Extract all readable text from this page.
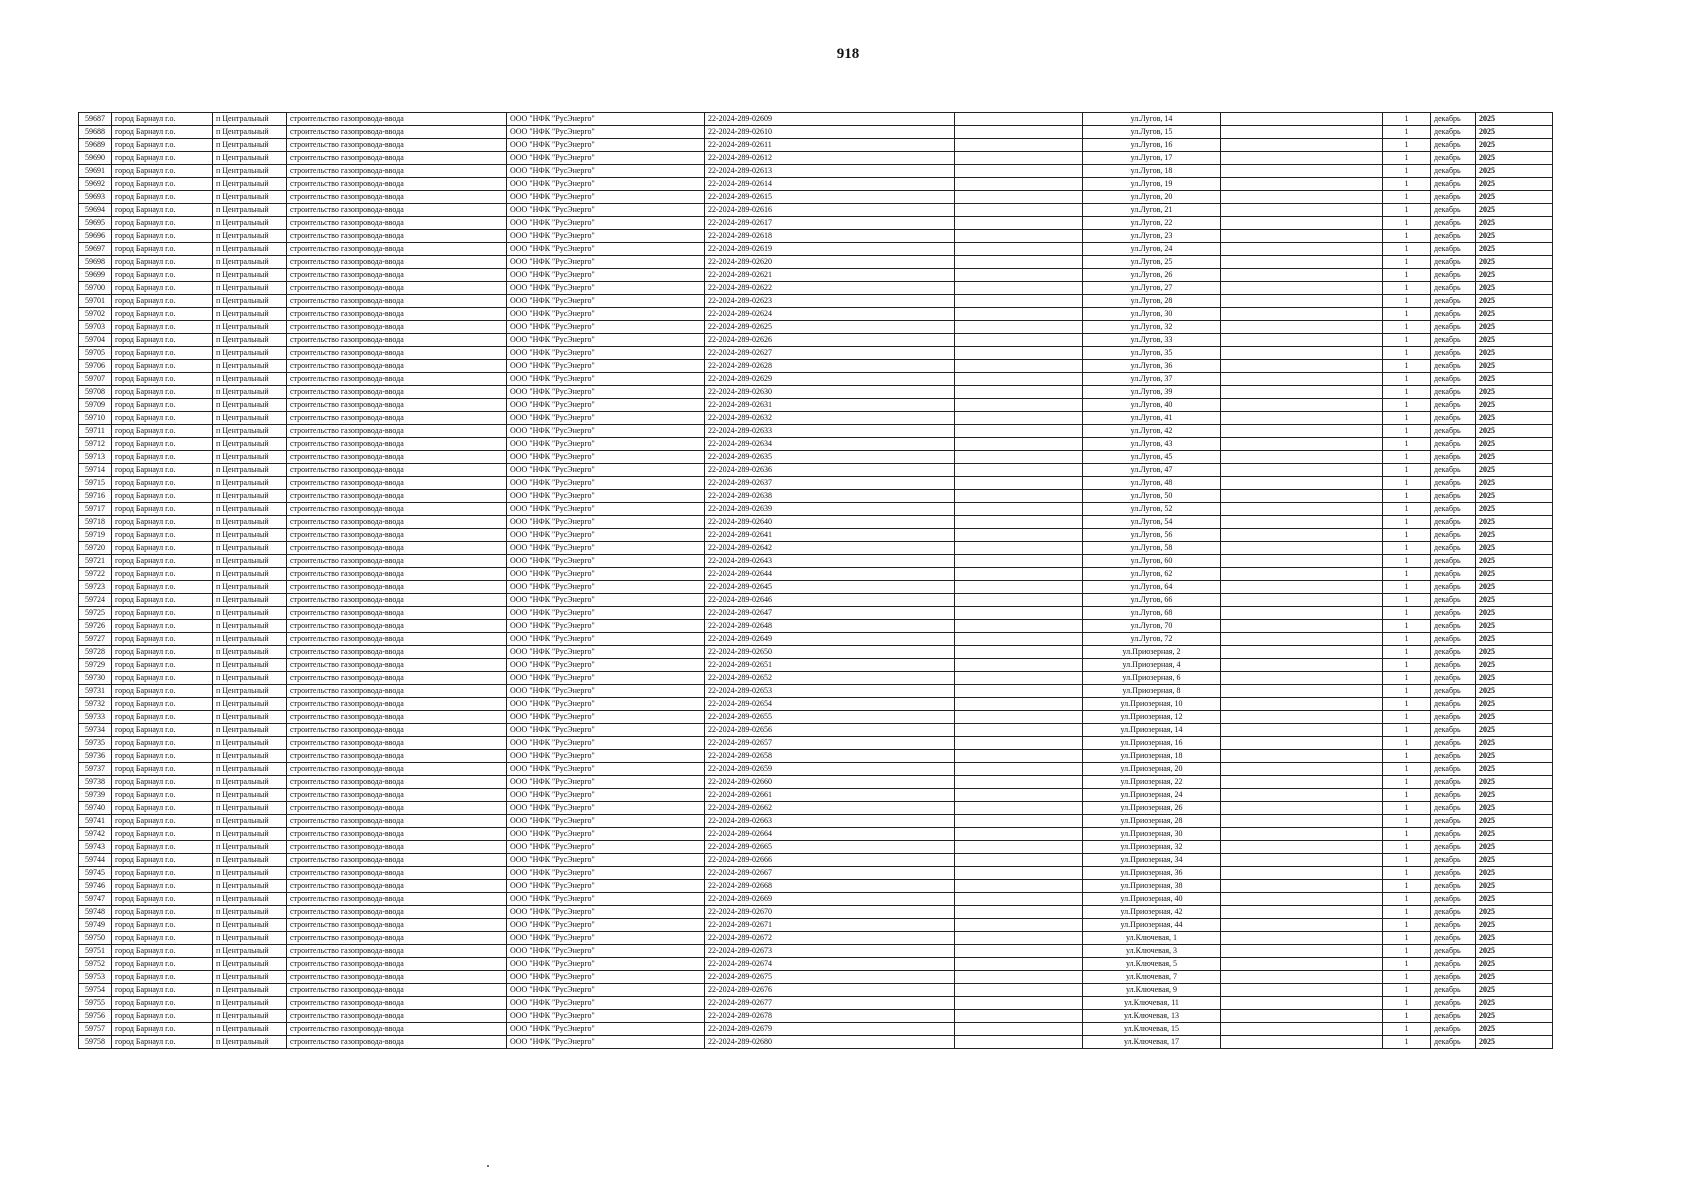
918
59687	город Барнаул г.о.	п Центральный	строительство газопровода-ввода	ООО "НФК "РусЭнерго"	22-2024-289-02609		ул.Лугов, 14		1	декабрь	2025
59688	город Барнаул г.о.	п Центральный	строительство газопровода-ввода	ООО "НФК "РусЭнерго"	22-2024-289-02610		ул.Лугов, 15		1	декабрь	2025
59689	город Барнаул г.о.	п Центральный	строительство газопровода-ввода	ООО "НФК "РусЭнерго"	22-2024-289-02611		ул.Лугов, 16		1	декабрь	2025
59690	город Барнаул г.о.	п Центральный	строительство газопровода-ввода	ООО "НФК "РусЭнерго"	22-2024-289-02612		ул.Лугов, 17		1	декабрь	2025
59691	город Барнаул г.о.	п Центральный	строительство газопровода-ввода	ООО "НФК "РусЭнерго"	22-2024-289-02613		ул.Лугов, 18		1	декабрь	2025
59692	город Барнаул г.о.	п Центральный	строительство газопровода-ввода	ООО "НФК "РусЭнерго"	22-2024-289-02614		ул.Лугов, 19		1	декабрь	2025
59693	город Барнаул г.о.	п Центральный	строительство газопровода-ввода	ООО "НФК "РусЭнерго"	22-2024-289-02615		ул.Лугов, 20		1	декабрь	2025
59694	город Барнаул г.о.	п Центральный	строительство газопровода-ввода	ООО "НФК "РусЭнерго"	22-2024-289-02616		ул.Лугов, 21		1	декабрь	2025
59695	город Барнаул г.о.	п Центральный	строительство газопровода-ввода	ООО "НФК "РусЭнерго"	22-2024-289-02617		ул.Лугов, 22		1	декабрь	2025
59696	город Барнаул г.о.	п Центральный	строительство газопровода-ввода	ООО "НФК "РусЭнерго"	22-2024-289-02618		ул.Лугов, 23		1	декабрь	2025
59697	город Барнаул г.о.	п Центральный	строительство газопровода-ввода	ООО "НФК "РусЭнерго"	22-2024-289-02619		ул.Лугов, 24		1	декабрь	2025
59698	город Барнаул г.о.	п Центральный	строительство газопровода-ввода	ООО "НФК "РусЭнерго"	22-2024-289-02620		ул.Лугов, 25		1	декабрь	2025
59699	город Барнаул г.о.	п Центральный	строительство газопровода-ввода	ООО "НФК "РусЭнерго"	22-2024-289-02621		ул.Лугов, 26		1	декабрь	2025
59700	город Барнаул г.о.	п Центральный	строительство газопровода-ввода	ООО "НФК "РусЭнерго"	22-2024-289-02622		ул.Лугов, 27		1	декабрь	2025
59701	город Барнаул г.о.	п Центральный	строительство газопровода-ввода	ООО "НФК "РусЭнерго"	22-2024-289-02623		ул.Лугов, 28		1	декабрь	2025
59702	город Барнаул г.о.	п Центральный	строительство газопровода-ввода	ООО "НФК "РусЭнерго"	22-2024-289-02624		ул.Лугов, 30		1	декабрь	2025
59703	город Барнаул г.о.	п Центральный	строительство газопровода-ввода	ООО "НФК "РусЭнерго"	22-2024-289-02625		ул.Лугов, 32		1	декабрь	2025
59704	город Барнаул г.о.	п Центральный	строительство газопровода-ввода	ООО "НФК "РусЭнерго"	22-2024-289-02626		ул.Лугов, 33		1	декабрь	2025
59705	город Барнаул г.о.	п Центральный	строительство газопровода-ввода	ООО "НФК "РусЭнерго"	22-2024-289-02627		ул.Лугов, 35		1	декабрь	2025
59706	город Барнаул г.о.	п Центральный	строительство газопровода-ввода	ООО "НФК "РусЭнерго"	22-2024-289-02628		ул.Лугов, 36		1	декабрь	2025
59707	город Барнаул г.о.	п Центральный	строительство газопровода-ввода	ООО "НФК "РусЭнерго"	22-2024-289-02629		ул.Лугов, 37		1	декабрь	2025
59708	город Барнаул г.о.	п Центральный	строительство газопровода-ввода	ООО "НФК "РусЭнерго"	22-2024-289-02630		ул.Лугов, 39		1	декабрь	2025
59709	город Барнаул г.о.	п Центральный	строительство газопровода-ввода	ООО "НФК "РусЭнерго"	22-2024-289-02631		ул.Лугов, 40		1	декабрь	2025
59710	город Барнаул г.о.	п Центральный	строительство газопровода-ввода	ООО "НФК "РусЭнерго"	22-2024-289-02632		ул.Лугов, 41		1	декабрь	2025
59711	город Барнаул г.о.	п Центральный	строительство газопровода-ввода	ООО "НФК "РусЭнерго"	22-2024-289-02633		ул.Лугов, 42		1	декабрь	2025
59712	город Барнаул г.о.	п Центральный	строительство газопровода-ввода	ООО "НФК "РусЭнерго"	22-2024-289-02634		ул.Лугов, 43		1	декабрь	2025
59713	город Барнаул г.о.	п Центральный	строительство газопровода-ввода	ООО "НФК "РусЭнерго"	22-2024-289-02635		ул.Лугов, 45		1	декабрь	2025
59714	город Барнаул г.о.	п Центральный	строительство газопровода-ввода	ООО "НФК "РусЭнерго"	22-2024-289-02636		ул.Лугов, 47		1	декабрь	2025
59715	город Барнаул г.о.	п Центральный	строительство газопровода-ввода	ООО "НФК "РусЭнерго"	22-2024-289-02637		ул.Лугов, 48		1	декабрь	2025
59716	город Барнаул г.о.	п Центральный	строительство газопровода-ввода	ООО "НФК "РусЭнерго"	22-2024-289-02638		ул.Лугов, 50		1	декабрь	2025
59717	город Барнаул г.о.	п Центральный	строительство газопровода-ввода	ООО "НФК "РусЭнерго"	22-2024-289-02639		ул.Лугов, 52		1	декабрь	2025
59718	город Барнаул г.о.	п Центральный	строительство газопровода-ввода	ООО "НФК "РусЭнерго"	22-2024-289-02640		ул.Лугов, 54		1	декабрь	2025
59719	город Барнаул г.о.	п Центральный	строительство газопровода-ввода	ООО "НФК "РусЭнерго"	22-2024-289-02641		ул.Лугов, 56		1	декабрь	2025
59720	город Барнаул г.о.	п Центральный	строительство газопровода-ввода	ООО "НФК "РусЭнерго"	22-2024-289-02642		ул.Лугов, 58		1	декабрь	2025
59721	город Барнаул г.о.	п Центральный	строительство газопровода-ввода	ООО "НФК "РусЭнерго"	22-2024-289-02643		ул.Лугов, 60		1	декабрь	2025
59722	город Барнаул г.о.	п Центральный	строительство газопровода-ввода	ООО "НФК "РусЭнерго"	22-2024-289-02644		ул.Лугов, 62		1	декабрь	2025
59723	город Барнаул г.о.	п Центральный	строительство газопровода-ввода	ООО "НФК "РусЭнерго"	22-2024-289-02645		ул.Лугов, 64		1	декабрь	2025
59724	город Барнаул г.о.	п Центральный	строительство газопровода-ввода	ООО "НФК "РусЭнерго"	22-2024-289-02646		ул.Лугов, 66		1	декабрь	2025
59725	город Барнаул г.о.	п Центральный	строительство газопровода-ввода	ООО "НФК "РусЭнерго"	22-2024-289-02647		ул.Лугов, 68		1	декабрь	2025
59726	город Барнаул г.о.	п Центральный	строительство газопровода-ввода	ООО "НФК "РусЭнерго"	22-2024-289-02648		ул.Лугов, 70		1	декабрь	2025
59727	город Барнаул г.о.	п Центральный	строительство газопровода-ввода	ООО "НФК "РусЭнерго"	22-2024-289-02649		ул.Лугов, 72		1	декабрь	2025
59728	город Барнаул г.о.	п Центральный	строительство газопровода-ввода	ООО "НФК "РусЭнерго"	22-2024-289-02650		ул.Приозерная, 2		1	декабрь	2025
59729	город Барнаул г.о.	п Центральный	строительство газопровода-ввода	ООО "НФК "РусЭнерго"	22-2024-289-02651		ул.Приозерная, 4		1	декабрь	2025
59730	город Барнаул г.о.	п Центральный	строительство газопровода-ввода	ООО "НФК "РусЭнерго"	22-2024-289-02652		ул.Приозерная, 6		1	декабрь	2025
59731	город Барнаул г.о.	п Центральный	строительство газопровода-ввода	ООО "НФК "РусЭнерго"	22-2024-289-02653		ул.Приозерная, 8		1	декабрь	2025
59732	город Барнаул г.о.	п Центральный	строительство газопровода-ввода	ООО "НФК "РусЭнерго"	22-2024-289-02654		ул.Приозерная, 10		1	декабрь	2025
59733	город Барнаул г.о.	п Центральный	строительство газопровода-ввода	ООО "НФК "РусЭнерго"	22-2024-289-02655		ул.Приозерная, 12		1	декабрь	2025
59734	город Барнаул г.о.	п Центральный	строительство газопровода-ввода	ООО "НФК "РусЭнерго"	22-2024-289-02656		ул.Приозерная, 14		1	декабрь	2025
59735	город Барнаул г.о.	п Центральный	строительство газопровода-ввода	ООО "НФК "РусЭнерго"	22-2024-289-02657		ул.Приозерная, 16		1	декабрь	2025
59736	город Барнаул г.о.	п Центральный	строительство газопровода-ввода	ООО "НФК "РусЭнерго"	22-2024-289-02658		ул.Приозерная, 18		1	декабрь	2025
59737	город Барнаул г.о.	п Центральный	строительство газопровода-ввода	ООО "НФК "РусЭнерго"	22-2024-289-02659		ул.Приозерная, 20		1	декабрь	2025
59738	город Барнаул г.о.	п Центральный	строительство газопровода-ввода	ООО "НФК "РусЭнерго"	22-2024-289-02660		ул.Приозерная, 22		1	декабрь	2025
59739	город Барнаул г.о.	п Центральный	строительство газопровода-ввода	ООО "НФК "РусЭнерго"	22-2024-289-02661		ул.Приозерная, 24		1	декабрь	2025
59740	город Барнаул г.о.	п Центральный	строительство газопровода-ввода	ООО "НФК "РусЭнерго"	22-2024-289-02662		ул.Приозерная, 26		1	декабрь	2025
59741	город Барнаул г.о.	п Центральный	строительство газопровода-ввода	ООО "НФК "РусЭнерго"	22-2024-289-02663		ул.Приозерная, 28		1	декабрь	2025
59742	город Барнаул г.о.	п Центральный	строительство газопровода-ввода	ООО "НФК "РусЭнерго"	22-2024-289-02664		ул.Приозерная, 30		1	декабрь	2025
59743	город Барнаул г.о.	п Центральный	строительство газопровода-ввода	ООО "НФК "РусЭнерго"	22-2024-289-02665		ул.Приозерная, 32		1	декабрь	2025
59744	город Барнаул г.о.	п Центральный	строительство газопровода-ввода	ООО "НФК "РусЭнерго"	22-2024-289-02666		ул.Приозерная, 34		1	декабрь	2025
59745	город Барнаул г.о.	п Центральный	строительство газопровода-ввода	ООО "НФК "РусЭнерго"	22-2024-289-02667		ул.Приозерная, 36		1	декабрь	2025
59746	город Барнаул г.о.	п Центральный	строительство газопровода-ввода	ООО "НФК "РусЭнерго"	22-2024-289-02668		ул.Приозерная, 38		1	декабрь	2025
59747	город Барнаул г.о.	п Центральный	строительство газопровода-ввода	ООО "НФК "РусЭнерго"	22-2024-289-02669		ул.Приозерная, 40		1	декабрь	2025
59748	город Барнаул г.о.	п Центральный	строительство газопровода-ввода	ООО "НФК "РусЭнерго"	22-2024-289-02670		ул.Приозерная, 42		1	декабрь	2025
59749	город Барнаул г.о.	п Центральный	строительство газопровода-ввода	ООО "НФК "РусЭнерго"	22-2024-289-02671		ул.Приозерная, 44		1	декабрь	2025
59750	город Барнаул г.о.	п Центральный	строительство газопровода-ввода	ООО "НФК "РусЭнерго"	22-2024-289-02672		ул.Ключевая, 1		1	декабрь	2025
59751	город Барнаул г.о.	п Центральный	строительство газопровода-ввода	ООО "НФК "РусЭнерго"	22-2024-289-02673		ул.Ключевая, 3		1	декабрь	2025
59752	город Барнаул г.о.	п Центральный	строительство газопровода-ввода	ООО "НФК "РусЭнерго"	22-2024-289-02674		ул.Ключевая, 5		1	декабрь	2025
59753	город Барнаул г.о.	п Центральный	строительство газопровода-ввода	ООО "НФК "РусЭнерго"	22-2024-289-02675		ул.Ключевая, 7		1	декабрь	2025
59754	город Барнаул г.о.	п Центральный	строительство газопровода-ввода	ООО "НФК "РусЭнерго"	22-2024-289-02676		ул.Ключевая, 9		1	декабрь	2025
59755	город Барнаул г.о.	п Центральный	строительство газопровода-ввода	ООО "НФК "РусЭнерго"	22-2024-289-02677		ул.Ключевая, 11		1	декабрь	2025
59756	город Барнаул г.о.	п Центральный	строительство газопровода-ввода	ООО "НФК "РусЭнерго"	22-2024-289-02678		ул.Ключевая, 13		1	декабрь	2025
59757	город Барнаул г.о.	п Центральный	строительство газопровода-ввода	ООО "НФК "РусЭнерго"	22-2024-289-02679		ул.Ключевая, 15		1	декабрь	2025
59758	город Барнаул г.о.	п Центральный	строительство газопровода-ввода	ООО "НФК "РусЭнерго"	22-2024-289-02680		ул.Ключевая, 17		1	декабрь	2025
